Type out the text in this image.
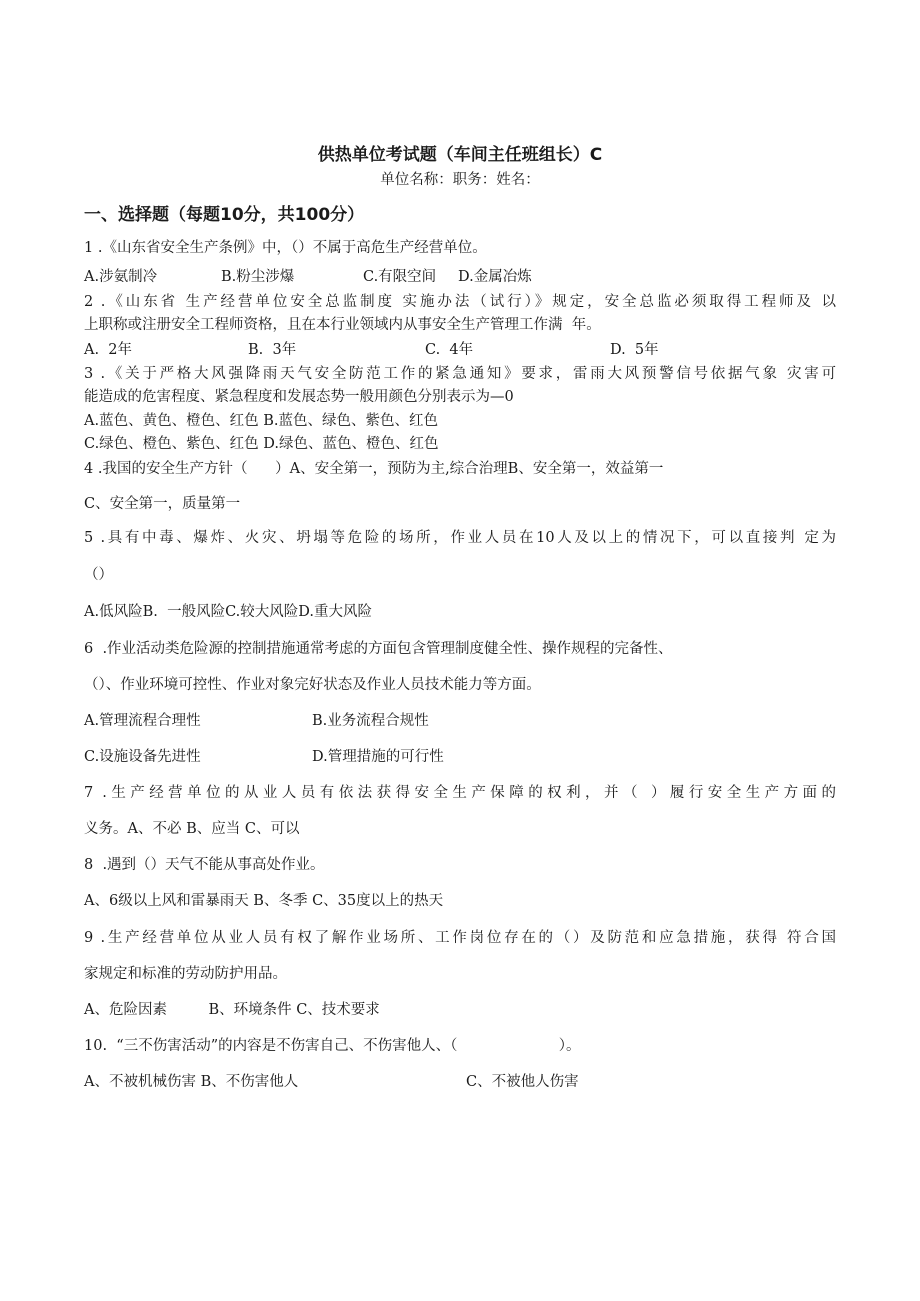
供热单位考试题（车间主任班组长）C
单位名称：职务：姓名：
一、选择题（每题10分，共100分）
1 .《山东省安全生产条例》中，（）不属于高危生产经营单位。
A.涉氨制冷	B.粉尘涉爆	C.有限空间 D.金属冶炼
2 .《山东省 生产经营单位安全总监制度 实施办法（试行）》规定，安全总监必须取得工程师及 以
上职称或注册安全工程师资格，且在本行业领域内从事安全生产管理工作满  年。
A.  2年	B.  3年	C.  4年	D.  5年
3 .《关于严格大风强降雨天气安全防范工作的紧急通知》要求，雷雨大风预警信号依据气象 灾害可
能造成的危害程度、紧急程度和发展态势一般用颜色分别表示为—0
A.蓝色、黄色、橙色、红色 B.蓝色、绿色、紫色、红色
C.绿色、橙色、紫色、红色 D.绿色、蓝色、橙色、红色
4 .我国的安全生产方针（      ）A、安全第一，预防为主,综合治理B、安全第一，效益第一
C、安全第一，质量第一
5 .具有中毒、爆炸、火灾、坍塌等危险的场所，作业人员在10人及以上的情况下，可以直接判 定为
（）
A.低风险B.  一般风险C.较大风险D.重大风险
6  .作业活动类危险源的控制措施通常考虑的方面包含管理制度健全性、操作规程的完备性、
（）、作业环境可控性、作业对象完好状态及作业人员技术能力等方面。
A.管理流程合理性	B.业务流程合规性
C.设施设备先进性	D.管理措施的可行性
7 .生产经营单位的从业人员有依法获得安全生产保障的权利，并（ ）履行安全生产方面的
义务。A、不必 B、应当 C、可以
8  .遇到（）天气不能从事高处作业。
A、6级以上风和雷暴雨天 B、冬季 C、35度以上的热天
9 .生产经营单位从业人员有权了解作业场所、工作岗位存在的（）及防范和应急措施，获得 符合国
家规定和标准的劳动防护用品。
A、危险因素         B、环境条件 C、技术要求
10.  “三不伤害活动”的内容是不伤害自己、不伤害他人、（                      ）。
A、不被机械伤害 B、不伤害他人	C、不被他人伤害
